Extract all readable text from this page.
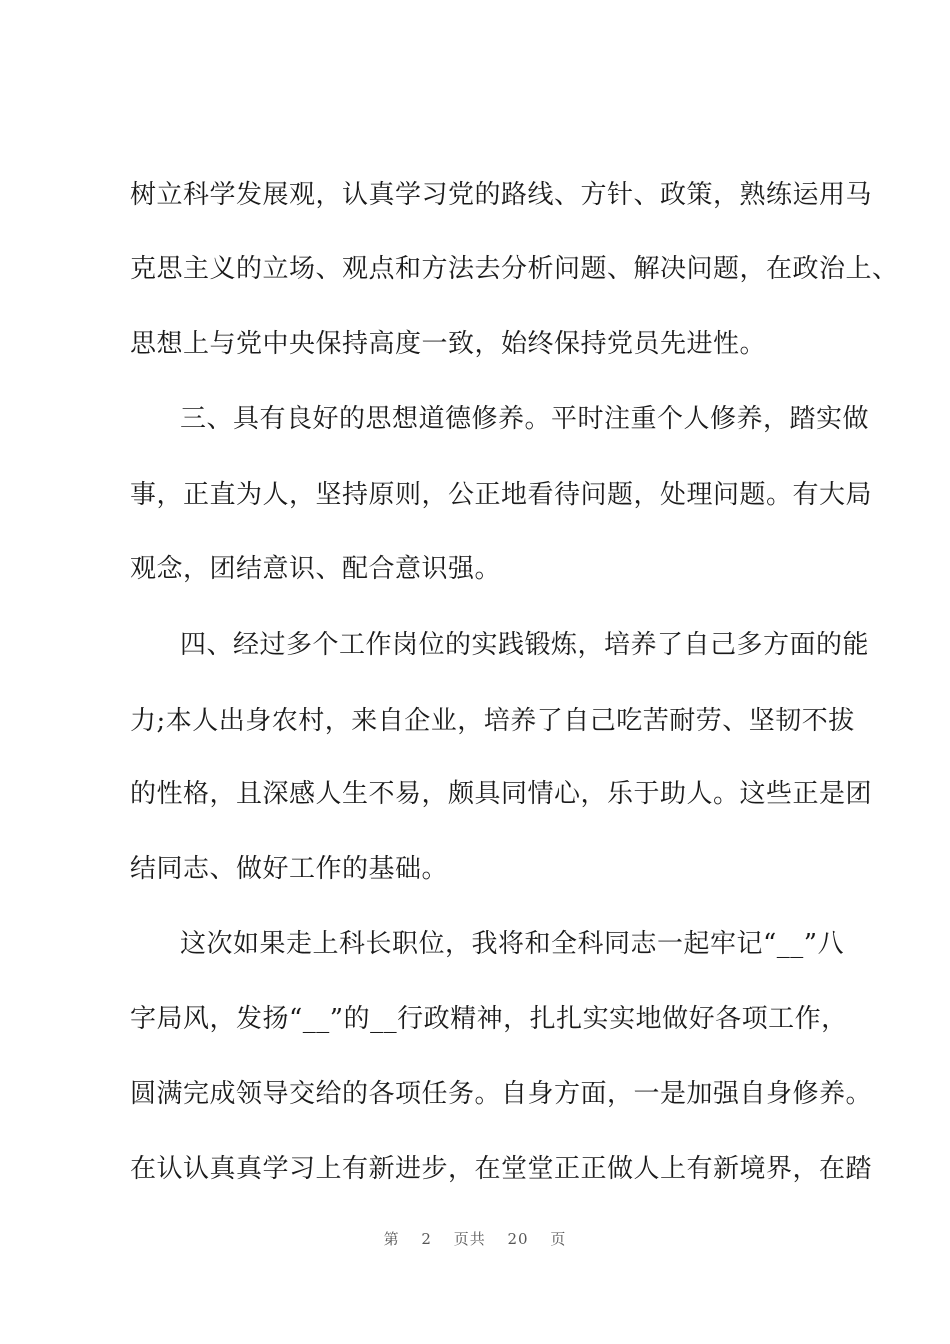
树立科学发展观，认真学习党的路线、方针、政策，熟练运用马
克思主义的立场、观点和方法去分析问题、解决问题，在政治上、
思想上与党中央保持高度一致，始终保持党员先进性。
三、具有良好的思想道德修养。平时注重个人修养，踏实做
事，正直为人，坚持原则，公正地看待问题，处理问题。有大局
观念，团结意识、配合意识强。
四、经过多个工作岗位的实践锻炼，培养了自己多方面的能
力;本人出身农村，来自企业，培养了自己吃苦耐劳、坚韧不拔
的性格，且深感人生不易，颇具同情心，乐于助人。这些正是团
结同志、做好工作的基础。
这次如果走上科长职位，我将和全科同志一起牢记“__”八
字局风，发扬“__”的__行政精神，扎扎实实地做好各项工作，
圆满完成领导交给的各项任务。自身方面，一是加强自身修养。
在认认真真学习上有新进步，在堂堂正正做人上有新境界，在踏
第 2 页共 20 页
